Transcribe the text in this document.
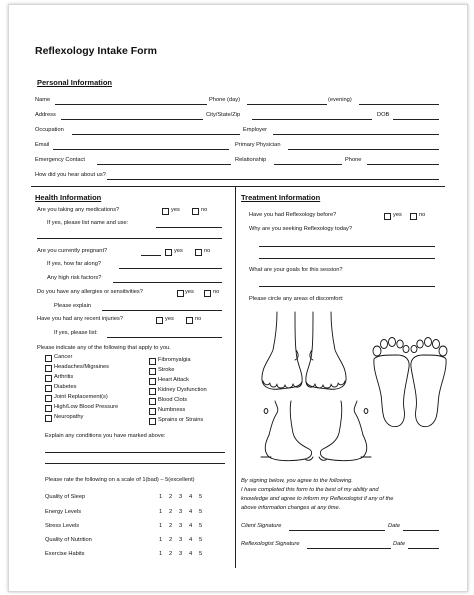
Reflexology Intake Form
Personal Information
Name	Phone (day)	(evening)
Address	City/State/Zip	DOB
Occupation	Employer
Email	Primary Physician
Emergency Contact	Relationship	Phone
How did you hear about us?
Health Information
Are you taking any medications?	yes	no
If yes, please list name and use:
Are you currently pregnant?	yes	no
If yes, how far along?
Any high risk factors?
Do you have any allergies or sensitivities?	yes	no
Please explain
Have you had any recent injuries?	yes	no
If yes, please list:
Please indicate any of the following that apply to you.
Cancer
Headaches/Migraines
Arthritis
Diabetes
Joint Replacement(s)
High/Low Blood Pressure
Neuropathy
Fibromyalgia
Stroke
Heart Attack
Kidney Dysfunction
Blood Clots
Numbness
Sprains or Strains
Explain any conditions you have marked above:
Please rate the following on a scale of 1(bad) – 5(excellent)
Quality of Sleep	1 2 3 4 5
Energy Levels	1 2 3 4 5
Stress Levels	1 2 3 4 5
Quality of Nutrition	1 2 3 4 5
Exercise Habits	1 2 3 4 5
Treatment Information
Have you had Reflexology before?	yes	no
Why are you seeking Reflexology today?
What are your goals for this session?
Please circle any areas of discomfort:
By signing below, you agree to the following.
I have completed this form to the best of my ability and
knowledge and agree to inform my Reflexologist if any of the
above information changes at any time.
Client Signature	Date
Reflexologist Signature	Date
